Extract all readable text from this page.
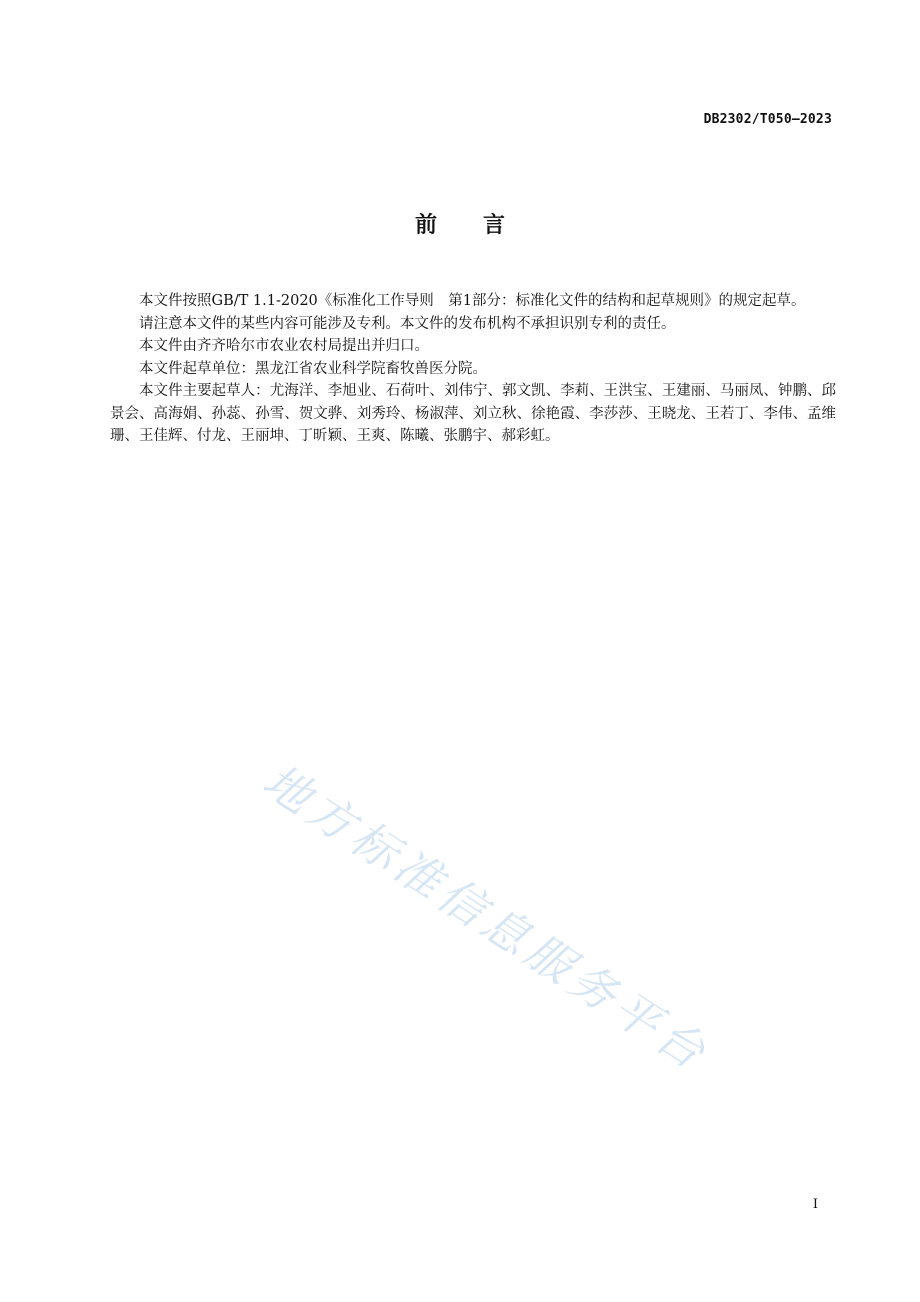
DB2302/T050—2023
前言

本文件按照GB/T 1.1-2020《标准化工作导则　第1部分：标准化文件的结构和起草规则》的规定起草。

请注意本文件的某些内容可能涉及专利。本文件的发布机构不承担识别专利的责任。

本文件由齐齐哈尔市农业农村局提出并归口。

本文件起草单位：黑龙江省农业科学院畜牧兽医分院。

本文件主要起草人：尤海洋、李旭业、石荷叶、刘伟宁、郭文凯、李莉、王洪宝、王建丽、马丽凤、钟鹏、邱景会、高海娟、孙蕊、孙雪、贺文骅、刘秀玲、杨淑萍、刘立秋、徐艳霞、李莎莎、王晓龙、王若丁、李伟、孟维珊、王佳辉、付龙、王丽坤、丁昕颖、王爽、陈曦、张鹏宇、郝彩虹。

地方标准信息服务平台
I
